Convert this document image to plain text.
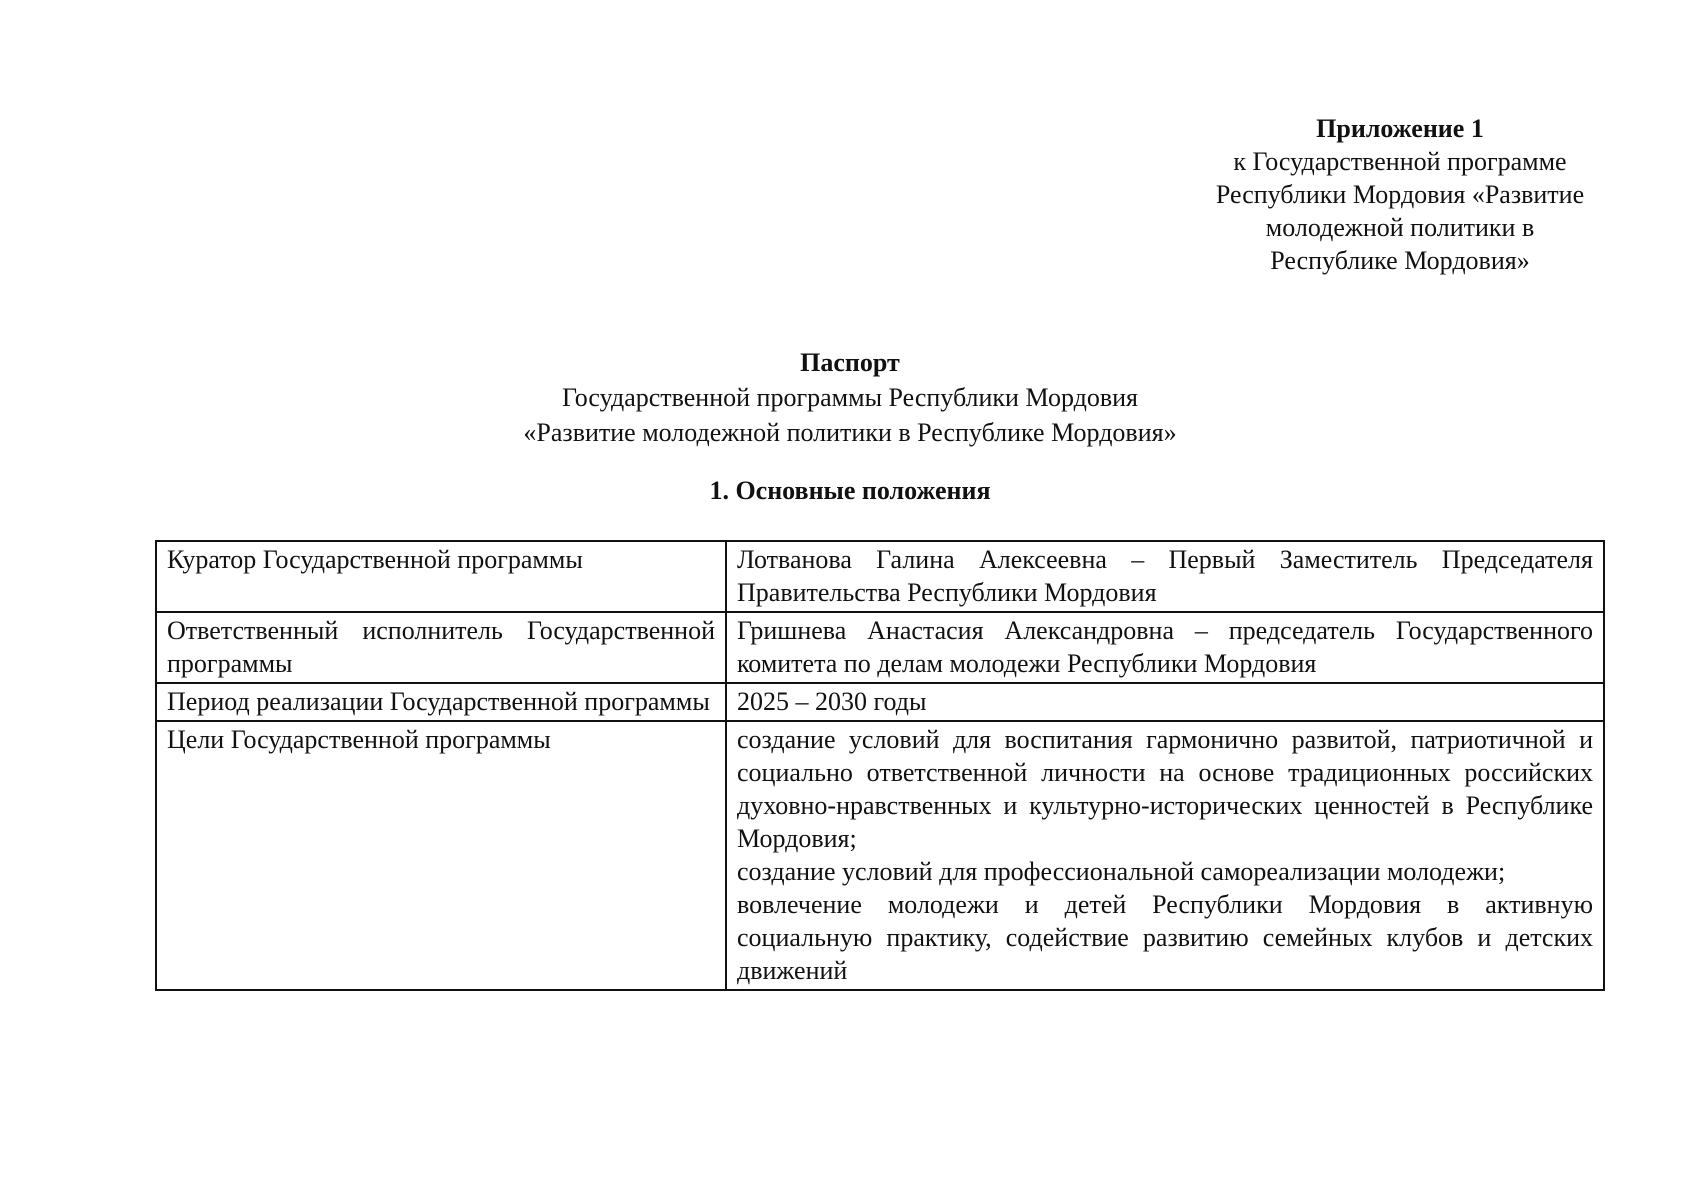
Приложение 1
к Государственной программе
Республики Мордовия «Развитие
молодежной политики в
Республике Мордовия»
Паспорт
Государственной программы Республики Мордовия
«Развитие молодежной политики в Республике Мордовия»
1. Основные положения
Куратор Государственной программы	Лотванова Галина Алексеевна – Первый Заместитель Председателя Правительства Республики Мордовия

Ответственный исполнитель Государственной программы	Гришнева Анастасия Александровна – председатель Государственного комитета по делам молодежи Республики Мордовия

Период реализации Государственной программы	2025 – 2030 годы
Цели Государственной программы	создание условий для воспитания гармонично развитой, патриотичной и социально ответственной личности на основе традиционных российских духовно-нравственных и культурно-исторических ценностей в Республике Мордовия;
создание условий для профессиональной самореализации молодежи;
вовлечение молодежи и детей Республики Мордовия в активную социальную практику, содействие развитию семейных клубов и детских движений
